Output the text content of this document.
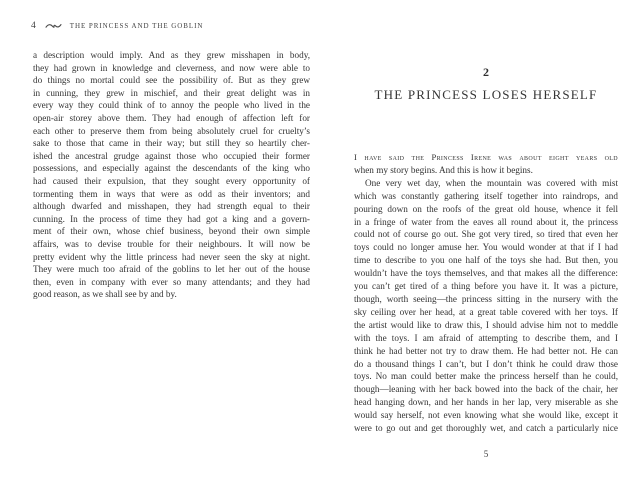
4	THE PRINCESS AND THE GOBLIN
a description would imply. And as they grew misshapen in body,
they had grown in knowledge and cleverness, and now were able to
do things no mortal could see the possibility of. But as they grew
in cunning, they grew in mischief, and their great delight was in
every way they could think of to annoy the people who lived in the
open-air storey above them. They had enough of affection left for
each other to preserve them from being absolutely cruel for cruelty’s
sake to those that came in their way; but still they so heartily cher-
ished the ancestral grudge against those who occupied their former
possessions, and especially against the descendants of the king who
had caused their expulsion, that they sought every opportunity of
tormenting them in ways that were as odd as their inventors; and
although dwarfed and misshapen, they had strength equal to their
cunning. In the process of time they had got a king and a govern-
ment of their own, whose chief business, beyond their own simple
affairs, was to devise trouble for their neighbours. It will now be
pretty evident why the little princess had never seen the sky at night.
They were much too afraid of the goblins to let her out of the house
then, even in company with ever so many attendants; and they had
good reason, as we shall see by and by.
2
THE PRINCESS LOSES HERSELF
I have said the Princess Irene was about eight years old
when my story begins. And this is how it begins.
One very wet day, when the mountain was covered with mist
which was constantly gathering itself together into raindrops, and
pouring down on the roofs of the great old house, whence it fell
in a fringe of water from the eaves all round about it, the princess
could not of course go out. She got very tired, so tired that even her
toys could no longer amuse her. You would wonder at that if I had
time to describe to you one half of the toys she had. But then, you
wouldn’t have the toys themselves, and that makes all the difference:
you can’t get tired of a thing before you have it. It was a picture,
though, worth seeing—the princess sitting in the nursery with the
sky ceiling over her head, at a great table covered with her toys. If
the artist would like to draw this, I should advise him not to meddle
with the toys. I am afraid of attempting to describe them, and I
think he had better not try to draw them. He had better not. He can
do a thousand things I can’t, but I don’t think he could draw those
toys. No man could better make the princess herself than he could,
though—leaning with her back bowed into the back of the chair, her
head hanging down, and her hands in her lap, very miserable as she
would say herself, not even knowing what she would like, except it
were to go out and get thoroughly wet, and catch a particularly nice
5
